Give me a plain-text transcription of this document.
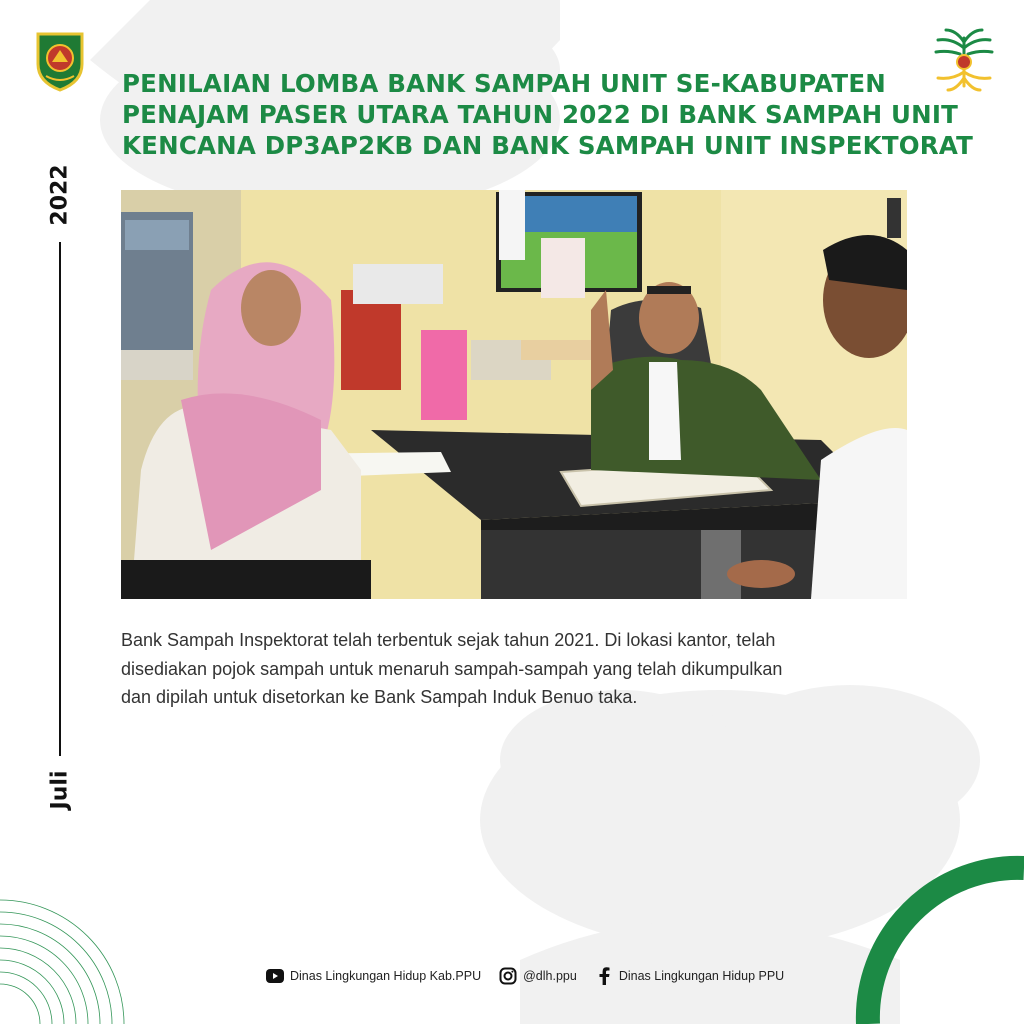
PENILAIAN LOMBA BANK SAMPAH UNIT SE-KABUPATEN
PENAJAM PASER UTARA TAHUN 2022 DI BANK SAMPAH UNIT
KENCANA DP3AP2KB DAN BANK SAMPAH UNIT INSPEKTORAT
2022
Juli

Bank Sampah Inspektorat telah terbentuk sejak tahun 2021. Di lokasi kantor, telah
disediakan pojok sampah untuk menaruh sampah-sampah yang telah dikumpulkan
dan dipilah untuk disetorkan ke Bank Sampah Induk Benuo taka.

Dinas Lingkungan Hidup Kab.PPU	@dlh.ppu	Dinas Lingkungan Hidup PPU
